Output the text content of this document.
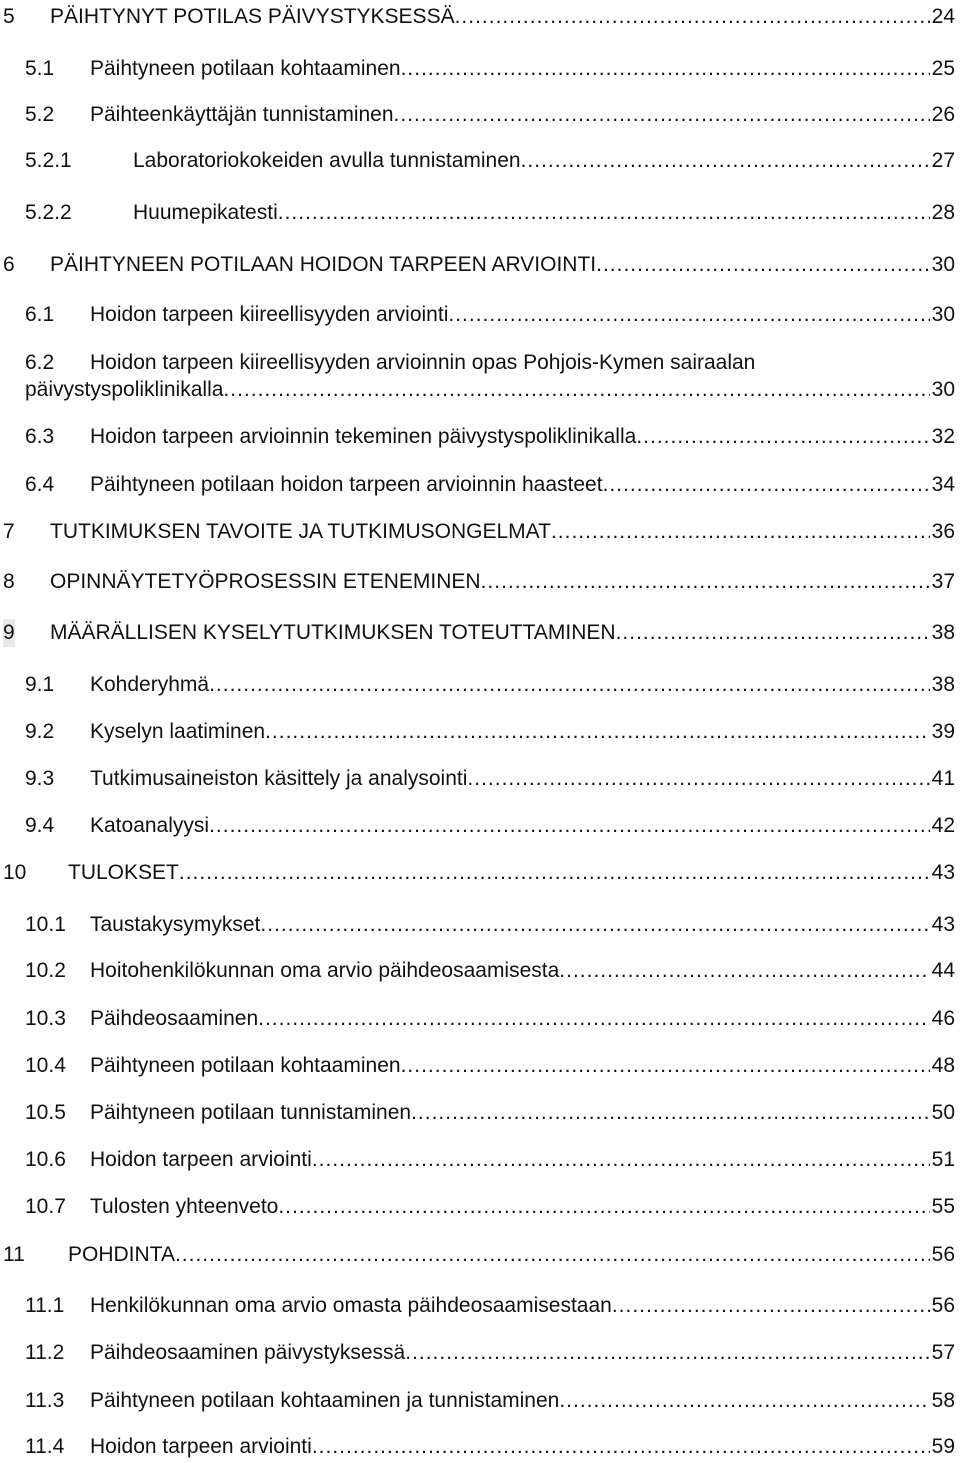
5 PÄIHTYNYT POTILAS PÄIVYSTYKSESSÄ .....	24
5.1 Päihtyneen potilaan kohtaaminen .....	25
5.2 Päihteenkäyttäjän tunnistaminen .....	26
5.2.1	Laboratoriokokeiden avulla tunnistaminen .....	27
5.2.2	Huumepikatesti .....	28
6 PÄIHTYNEEN POTILAAN HOIDON TARPEEN ARVIOINTI .....	30
6.1 Hoidon tarpeen kiireellisyyden arviointi .....	30
6.2 Hoidon tarpeen kiireellisyyden arvioinnin opas Pohjois-Kymen sairaalan
päivystyspoliklinikalla .....	30
6.3 Hoidon tarpeen arvioinnin tekeminen päivystyspoliklinikalla .....	32
6.4 Päihtyneen potilaan hoidon tarpeen arvioinnin haasteet .....	34
7 TUTKIMUKSEN TAVOITE JA TUTKIMUSONGELMAT .....	36
8 OPINNÄYTETYÖPROSESSIN ETENEMINEN .....	37
9 MÄÄRÄLLISEN KYSELYTUTKIMUKSEN TOTEUTTAMINEN .....	38
9.1 Kohderyhmä .....	38
9.2 Kyselyn laatiminen .....	39
9.3 Tutkimusaineiston käsittely ja analysointi .....	41
9.4 Katoanalyysi .....	42
10 TULOKSET .....	43
10.1 Taustakysymykset .....	43
10.2 Hoitohenkilökunnan oma arvio päihdeosaamisesta .....	44
10.3 Päihdeosaaminen .....	46
10.4 Päihtyneen potilaan kohtaaminen .....	48
10.5 Päihtyneen potilaan tunnistaminen .....	50
10.6 Hoidon tarpeen arviointi .....	51
10.7 Tulosten yhteenveto .....	55
11 POHDINTA .....	56
11.1 Henkilökunnan oma arvio omasta päihdeosaamisestaan .....	56
11.2 Päihdeosaaminen päivystyksessä .....	57
11.3 Päihtyneen potilaan kohtaaminen ja tunnistaminen .....	58
11.4 Hoidon tarpeen arviointi .....	59
